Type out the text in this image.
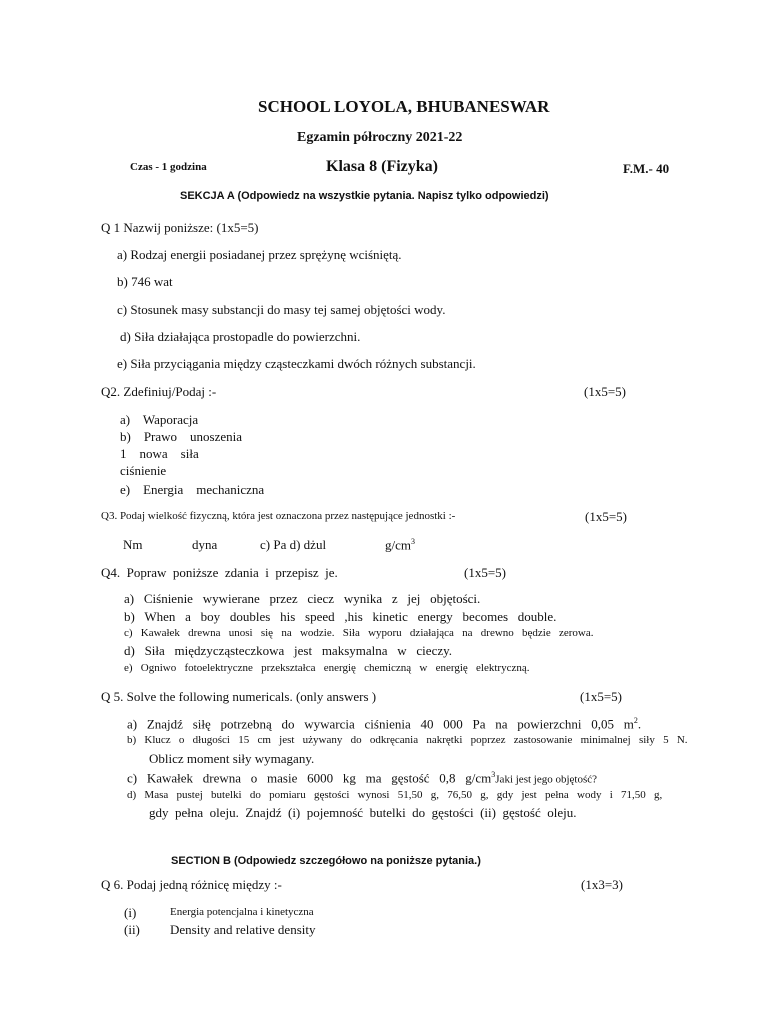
SCHOOL LOYOLA, BHUBANESWAR
Egzamin półroczny 2021-22
Czas - 1 godzina	Klasa 8 (Fizyka)	F.M.- 40
SEKCJA A (Odpowiedz na wszystkie pytania. Napisz tylko odpowiedzi)
Q 1 Nazwij poniższe: (1x5=5)
a) Rodzaj energii posiadanej przez sprężynę wciśniętą.
b) 746 wat
c) Stosunek masy substancji do masy tej samej objętości wody.
d) Siła działająca prostopadle do powierzchni.
e) Siła przyciągania między cząsteczkami dwóch różnych substancji.
Q2. Zdefiniuj/Podaj :-	(1x5=5)
a)    Waporacja
b)    Prawo    unoszenia
1    nowa    siła
ciśnienie
e)    Energia    mechaniczna
Q3. Podaj wielkość fizyczną, która jest oznaczona przez następujące jednostki :-	(1x5=5)
Nm	dyna	c) Pa d) dżul	$g/cm^3$
Q4.  Popraw  poniższe  zdania  i  przepisz  je.	(1x5=5)
a)   Ciśnienie   wywierane   przez   ciecz   wynika   z   jej   objętości.
b)   When   a   boy   doubles   his   speed   ,his   kinetic   energy   becomes   double.
c)   Kawałek   drewna   unosi   się   na   wodzie.   Siła   wyporu   działająca   na   drewno   będzie   zerowa.
d)   Siła   międzycząsteczkowa   jest   maksymalna   w   cieczy.
e)   Ogniwo   fotoelektryczne   przekształca   energię   chemiczną   w   energię   elektryczną.
Q 5. Solve the following numericals. (only answers )	(1x5=5)
a)   Znajdź   siłę   potrzebną   do   wywarcia   ciśnienia   40   000   Pa   na   powierzchni   0,05   $m^2$.
b)   Klucz   o   długości   15   cm   jest   używany   do   odkręcania   nakrętki   poprzez   zastosowanie   minimalnej   siły   5   N.
Oblicz moment siły wymagany.
c)   Kawałek   drewna   o   masie   6000   kg   ma   gęstość   0,8   $g/cm^3Jaki$ jest jego objętość?
d)   Masa   pustej   butelki   do   pomiaru   gęstości   wynosi   51,50   g,   76,50   g,   gdy   jest   pełna   wody   i   71,50   g,
gdy  pełna  oleju.  Znajdź  (i)  pojemność  butelki  do  gęstości  (ii)  gęstość  oleju.
SECTION B (Odpowiedz szczegółowo na poniższe pytania.)
Q 6. Podaj jedną różnicę między :-	(1x3=3)
(i)	Energia potencjalna i kinetyczna
(ii) Density and relative density
